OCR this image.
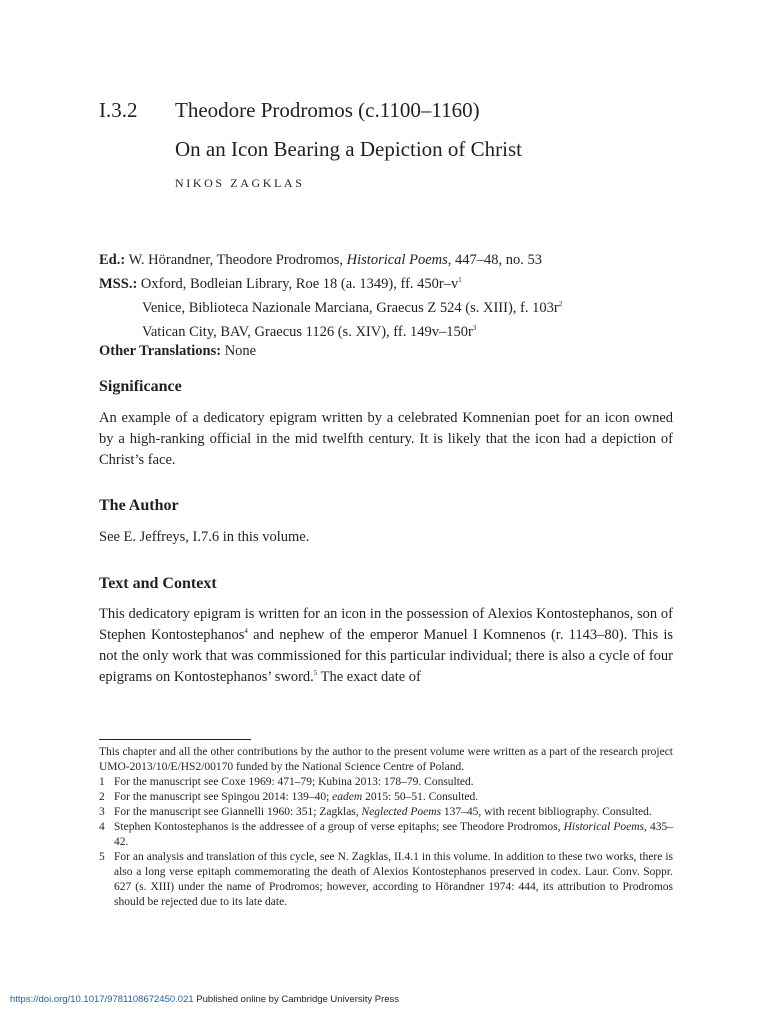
I.3.2 Theodore Prodromos (c.1100–1160)
On an Icon Bearing a Depiction of Christ
NIKOS ZAGKLAS
Ed.: W. Hörandner, Theodore Prodromos, Historical Poems, 447–48, no. 53
MSS.: Oxford, Bodleian Library, Roe 18 (a. 1349), ff. $450r-v^1$
Venice, Biblioteca Nazionale Marciana, Graecus Z 524 (s. XIII), f. $103r^2$
Vatican City, BAV, Graecus 1126 (s. XIV), ff. $149v-150r^3$
Other Translations: None
Significance
An example of a dedicatory epigram written by a celebrated Komnenian poet for an icon owned by a high-ranking official in the mid twelfth century. It is likely that the icon had a depiction of Christ’s face.
The Author
See E. Jeffreys, I.7.6 in this volume.
Text and Context
This dedicatory epigram is written for an icon in the possession of Alexios Kontostephanos, son of Stephen Kontostephanos$^4$ and nephew of the emperor Manuel I Komnenos (r. 1143–80). This is not the only work that was commissioned for this particular individual; there is also a cycle of four epigrams on Kontostephanos’ sword.$^5$ The exact date of
This chapter and all the other contributions by the author to the present volume were written as a part of the research project UMO-2013/10/E/HS2/00170 funded by the National Science Centre of Poland.
1 For the manuscript see Coxe 1969: 471–79; Kubina 2013: 178–79. Consulted.
2 For the manuscript see Spingou 2014: 139–40; eadem 2015: 50–51. Consulted.
3 For the manuscript see Giannelli 1960: 351; Zagklas, Neglected Poems 137–45, with recent bibliography. Consulted.
4 Stephen Kontostephanos is the addressee of a group of verse epitaphs; see Theodore Prodromos, Historical Poems, 435–42.
5 For an analysis and translation of this cycle, see N. Zagklas, II.4.1 in this volume. In addition to these two works, there is also a long verse epitaph commemorating the death of Alexios Kontostephanos preserved in codex. Laur. Conv. Soppr. 627 (s. XIII) under the name of Prodromos; however, according to Hörandner 1974: 444, its attribution to Prodromos should be rejected due to its late date.
https://doi.org/10.1017/9781108672450.021 Published online by Cambridge University Press
